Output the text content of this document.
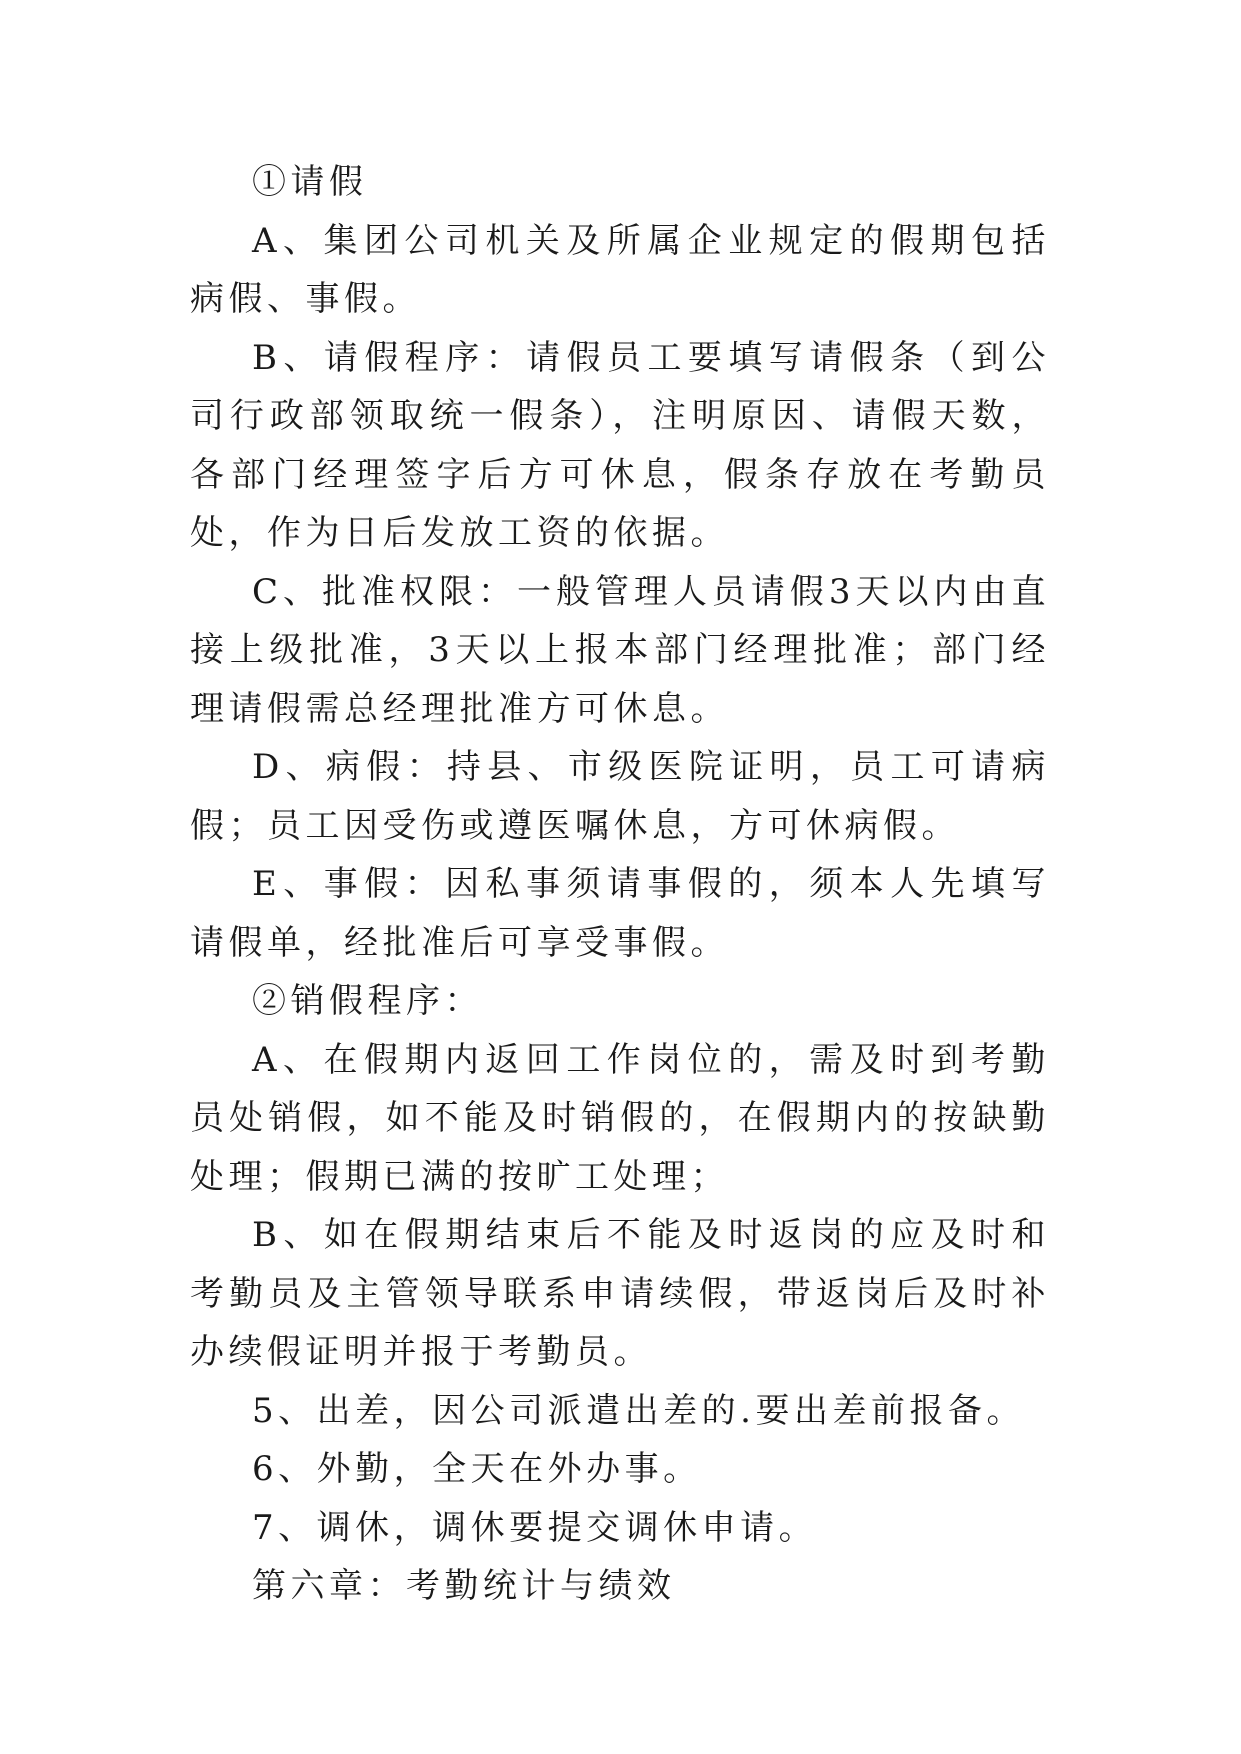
①请假

A、集团公司机关及所属企业规定的假期包括病假、事假。

B、请假程序：请假员工要填写请假条（到公司行政部领取统一假条），注明原因、请假天数，各部门经理签字后方可休息，假条存放在考勤员处，作为日后发放工资的依据。

C、批准权限：一般管理人员请假3天以内由直接上级批准，3天以上报本部门经理批准；部门经理请假需总经理批准方可休息。

D、病假：持县、市级医院证明，员工可请病假；员工因受伤或遵医嘱休息，方可休病假。

E、事假：因私事须请事假的，须本人先填写请假单，经批准后可享受事假。

②销假程序：

A、在假期内返回工作岗位的，需及时到考勤员处销假，如不能及时销假的，在假期内的按缺勤处理；假期已满的按旷工处理；

B、如在假期结束后不能及时返岗的应及时和考勤员及主管领导联系申请续假，带返岗后及时补办续假证明并报于考勤员。

5、出差，因公司派遣出差的.要出差前报备。

6、外勤，全天在外办事。

7、调休，调休要提交调休申请。

第六章：考勤统计与绩效
